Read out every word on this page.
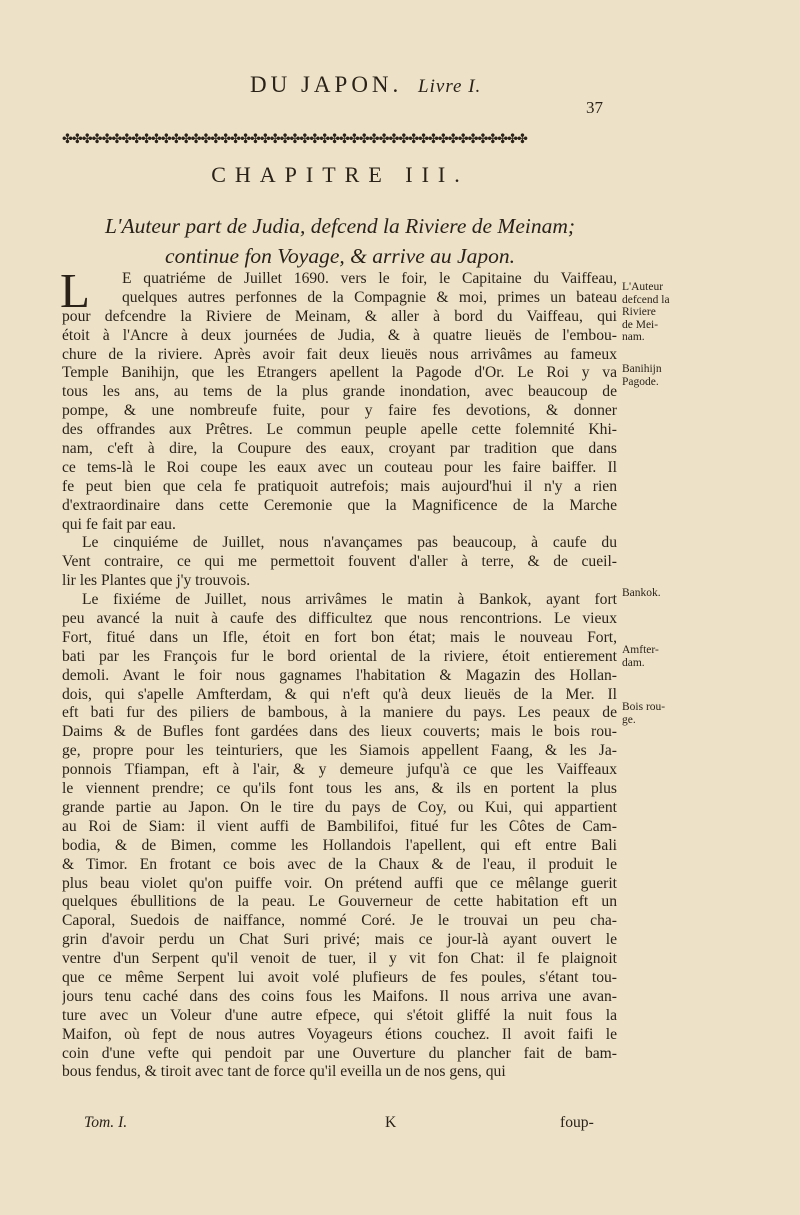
DU JAPON. Livre I.
37
✤✤✤✤✤✤✤✤✤✤✤✤✤✤✤✤✤✤✤✤✤✤✤✤✤✤✤✤✤✤✤✤✤✤✤✤✤✤✤✤✤✤✤✤✤✤✤
CHAPITRE III.
L'Auteur part de Judia, defcend la Riviere de Meinam;
continue fon Voyage, & arrive au Japon.
L	E quatriéme de Juillet 1690. vers le foir, le Capitaine du Vaiffeau,
quelques autres perfonnes de la Compagnie & moi, primes un bateau
pour defcendre la Riviere de Meinam, & aller à bord du Vaiffeau, qui
étoit à l'Ancre à deux journées de Judia, & à quatre lieuës de l'embou-
chure de la riviere. Après avoir fait deux lieuës nous arrivâmes au fameux
Temple Banihijn, que les Etrangers apellent la Pagode d'Or. Le Roi y va
tous les ans, au tems de la plus grande inondation, avec beaucoup de
pompe, & une nombreufe fuite, pour y faire fes devotions, & donner
des offrandes aux Prêtres. Le commun peuple apelle cette folemnité Khi-
nam, c'eft à dire, la Coupure des eaux, croyant par tradition que dans
ce tems-là le Roi coupe les eaux avec un couteau pour les faire baiffer. Il
fe peut bien que cela fe pratiquoit autrefois; mais aujourd'hui il n'y a rien
d'extraordinaire dans cette Ceremonie que la Magnificence de la Marche
qui fe fait par eau.
Le cinquiéme de Juillet, nous n'avançames pas beaucoup, à caufe du
Vent contraire, ce qui me permettoit fouvent d'aller à terre, & de cueil-
lir les Plantes que j'y trouvois.
Le fixiéme de Juillet, nous arrivâmes le matin à Bankok, ayant fort
peu avancé la nuit à caufe des difficultez que nous rencontrions. Le vieux
Fort, fitué dans un Ifle, étoit en fort bon état; mais le nouveau Fort,
bati par les François fur le bord oriental de la riviere, étoit entierement
demoli. Avant le foir nous gagnames l'habitation & Magazin des Hollan-
dois, qui s'apelle Amfterdam, & qui n'eft qu'à deux lieuës de la Mer. Il
eft bati fur des piliers de bambous, à la maniere du pays. Les peaux de
Daims & de Bufles font gardées dans des lieux couverts; mais le bois rou-
ge, propre pour les teinturiers, que les Siamois appellent Faang, & les Ja-
ponnois Tfiampan, eft à l'air, & y demeure jufqu'à ce que les Vaiffeaux
le viennent prendre; ce qu'ils font tous les ans, & ils en portent la plus
grande partie au Japon. On le tire du pays de Coy, ou Kui, qui appartient
au Roi de Siam: il vient auffi de Bambilifoi, fitué fur les Côtes de Cam-
bodia, & de Bimen, comme les Hollandois l'apellent, qui eft entre Bali
& Timor. En frotant ce bois avec de la Chaux & de l'eau, il produit le
plus beau violet qu'on puiffe voir. On prétend auffi que ce mêlange guerit
quelques ébullitions de la peau. Le Gouverneur de cette habitation eft un
Caporal, Suedois de naiffance, nommé Coré. Je le trouvai un peu cha-
grin d'avoir perdu un Chat Suri privé; mais ce jour-là ayant ouvert le
ventre d'un Serpent qu'il venoit de tuer, il y vit fon Chat: il fe plaignoit
que ce même Serpent lui avoit volé plufieurs de fes poules, s'étant tou-
jours tenu caché dans des coins fous les Maifons. Il nous arriva une avan-
ture avec un Voleur d'une autre efpece, qui s'étoit gliffé la nuit fous la
Maifon, où fept de nous autres Voyageurs étions couchez. Il avoit faifi le
coin d'une vefte qui pendoit par une Ouverture du plancher fait de bam-
bous fendus, & tiroit avec tant de force qu'il eveilla un de nos gens, qui
L'Auteur
defcend la
Riviere
de Mei-
nam.
Banihijn
Pagode.
Bankok.
Amfter-
dam.
Bois rou-
ge.
Tom. I.	K	foup-
